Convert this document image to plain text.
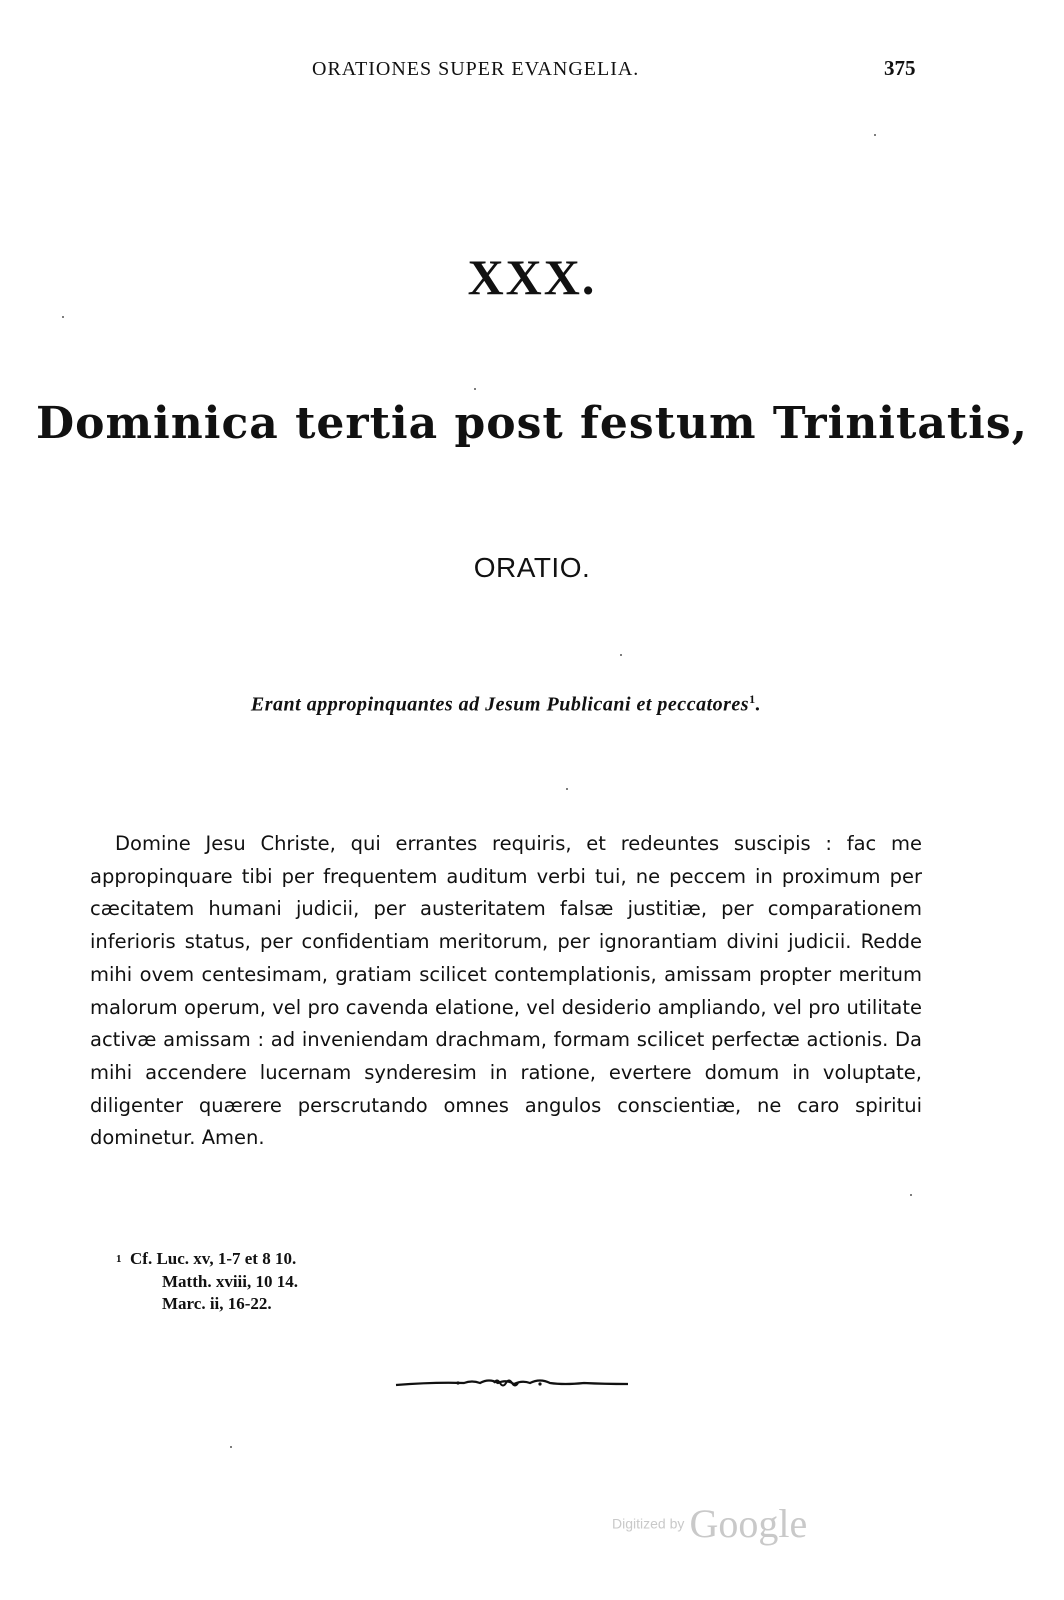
ORATIONES SUPER EVANGELIA.	375
XXX.
Dominica tertia post festum Trinitatis,
ORATIO.
Erant appropinquantes ad Jesum Publicani et peccatores$^1$.

Domine Jesu Christe, qui errantes requiris, et redeuntes suscipis : fac me appropinquare tibi per frequentem auditum verbi tui, ne peccem in proximum per cæcitatem humani judicii, per austeritatem falsæ justitiæ, per comparationem inferioris status, per confidentiam meritorum, per ignorantiam divini judicii. Redde mihi ovem centesimam, gratiam scilicet contemplationis, amissam propter meritum malorum operum, vel pro cavenda elatione, vel desiderio ampliando, vel pro utilitate activæ amissam : ad inveniendam drachmam, formam scilicet perfectæ actionis. Da mihi accendere lucernam synderesim in ratione, evertere domum in voluptate, diligenter quærere perscrutando omnes angulos conscientiæ, ne caro spiritui dominetur. Amen.

1 Cf. Luc. xv, 1-7 et 8 10.
Matth. xviii, 10 14.
Marc. ii, 16-22.
Digitized by Google
